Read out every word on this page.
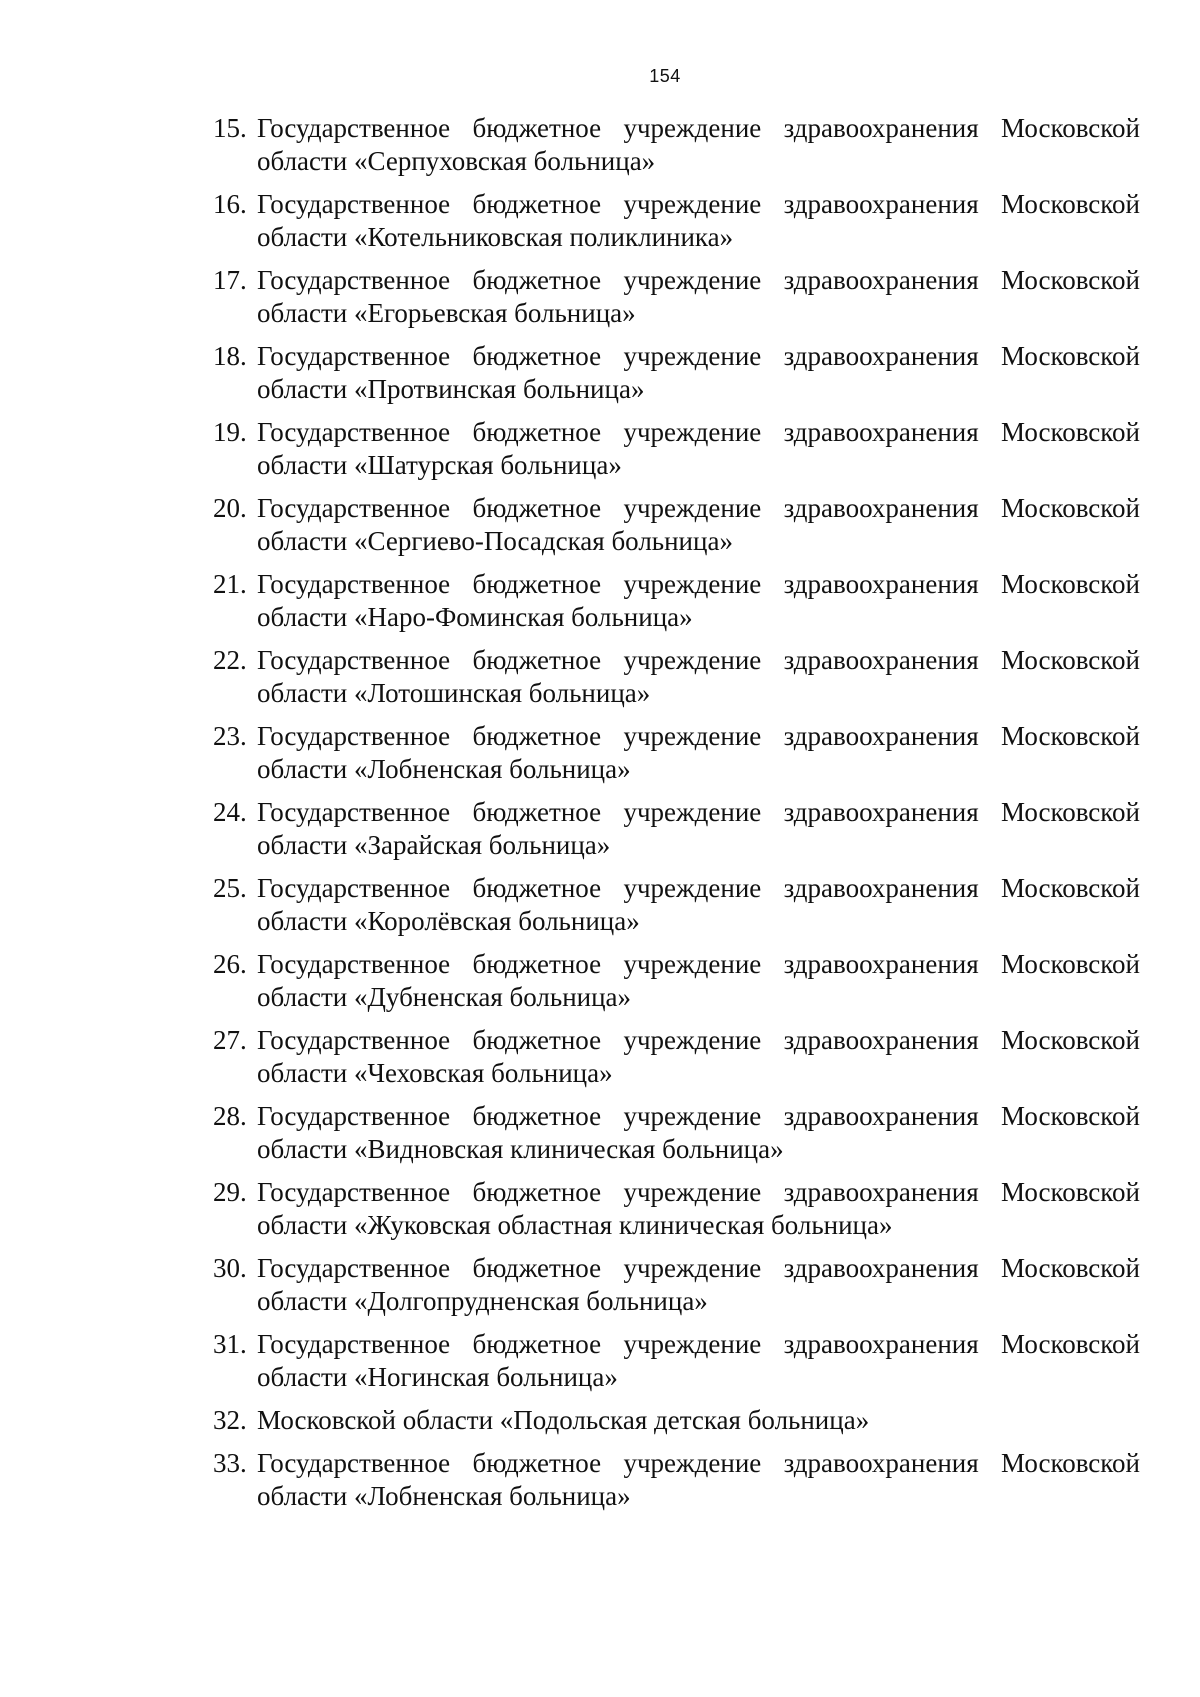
154
15. Государственное бюджетное учреждение здравоохранения Московской
области «Серпуховская больница»
16. Государственное бюджетное учреждение здравоохранения Московской
области «Котельниковская поликлиника»
17. Государственное бюджетное учреждение здравоохранения Московской
области «Егорьевская больница»
18. Государственное бюджетное учреждение здравоохранения Московской
области «Протвинская больница»
19. Государственное бюджетное учреждение здравоохранения Московской
области «Шатурская больница»
20. Государственное бюджетное учреждение здравоохранения Московской
области «Сергиево-Посадская больница»
21. Государственное бюджетное учреждение здравоохранения Московской
области «Наро-Фоминская больница»
22. Государственное бюджетное учреждение здравоохранения Московской
области «Лотошинская больница»
23. Государственное бюджетное учреждение здравоохранения Московской
области «Лобненская больница»
24. Государственное бюджетное учреждение здравоохранения Московской
области «Зарайская больница»
25. Государственное бюджетное учреждение здравоохранения Московской
области «Королёвская больница»
26. Государственное бюджетное учреждение здравоохранения Московской
области «Дубненская больница»
27. Государственное бюджетное учреждение здравоохранения Московской
области «Чеховская больница»
28. Государственное бюджетное учреждение здравоохранения Московской
области «Видновская клиническая больница»
29. Государственное бюджетное учреждение здравоохранения Московской
области «Жуковская областная клиническая больница»
30. Государственное бюджетное учреждение здравоохранения Московской
области «Долгопрудненская больница»
31. Государственное бюджетное учреждение здравоохранения Московской
области «Ногинская больница»
32. Московской области «Подольская детская больница»
33. Государственное бюджетное учреждение здравоохранения Московской
области «Лобненская больница»
